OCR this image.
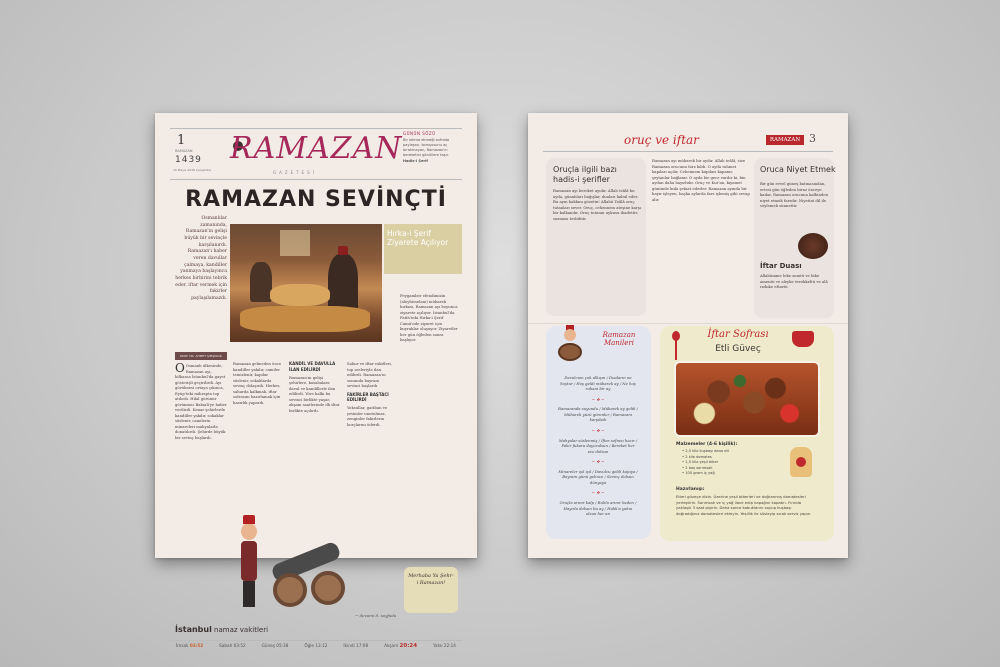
1
RAMAZAN
1439
16 Mayıs 2018 Çarşamba
RAMAZAN
GAZETESİ
GÜNÜN SÖZÜ
Bir lokma ekmeği sofrada paylaşan, komşusunu aç bırakmayan, Ramazan'ın bereketini gönüllere taşır.
Hadis-i Şerif
RAMAZAN SEVİNÇTİ
Osmanlılar zamanında, Ramazan'ın gelişi büyük bir sevinçle karşılanırdı. Ramazan'ı haber veren davullar çalmaya, kandiller yanmaya başlayınca herkes birbirini tebrik eder, iftar vermek için fakirler paylaşılamazdı.
PROF. DR. AHMET ŞİMŞİRGİL
Hırka-i Şerif Ziyarete Açılıyor

O Osmanlı ülkesinde, Ramazan ayı, bilhassa İstanbul'da gayet gösterişli geçirilirdi. Ayı görülmesi ortaya çıkınca, Eyüp'teki mihrapta top atılırdı. Hilal görünür görünmez Babıali'ye haber verilirdi. Kenar şehirlerde kandiller yakılır, sokaklar süslenir, camilerin minareleri mahyalarla donatılırdı. Şehirde büyük bir sevinç başlardı.

Ramazan gelmeden önce kandiller yakılır, camiler temizlenir, kapılar süslenir, sokaklarda sevinç dolaşırdı. Herkes, sahurda kalkmak, iftar sofrasını hazırlamak için hazırlık yapardı.

KANDİL VE DAVULLA İLAN EDİLİRDİ

Ramazan'ın gelişi şehirlere, kasabalara davul ve kandillerle ilan edilirdi. Yöre halkı bu sevinci birlikte yaşar, akşam saatlerinde ilk iftar birlikte açılırdı.

Sahur ve iftar vakitleri, top sesleriyle ilan edilirdi. Ramazan'ın sonunda bayram sevinci başlardı.

FAKİRLER BAŞTACI EDİLİRDİ

Yoksullar, gariban ve yetimler unutulmaz, zenginler fakirlerin borçlarını öderdi.

Peygamber efendimizin (aleyhisselam) mübarek hırkası, Ramazan ayı boyunca ziyarete açılıyor. İstanbul'da Fatih'teki Hırka-i Şerif Camii'nde ziyaret için kuyruklar oluşuyor. Ziyaretler her gün öğleden sonra başlıyor.

Merhaba Ya Şehr-i Ramazan!
~ devamı 8. sayfada
İstanbul namaz vakitleri
İmsak 03:52	Sabah 03:52	Güneş 05:38	Öğle 13:12	İkindi 17:08	Akşam 20:24	Yatsı 22:14
oruç ve iftar	RAMAZAN 3
Oruçla ilgili bazı hadis-i şerifler

Ramazan ayı bereket ayıdır. Allah teâlâ bu ayda, günahları bağışlar, duaları kabul eder. Bu ayın hakkını gözetin! Allahü Teâlâ oruç tutanları sever. Oruç, cehennem ateşine karşı bir kalkandır. Oruç tutanın uykusu ibadettir, susması tesbihtir.

Ramazan ayı mübarek bir aydır. Allah teâlâ, size Ramazan orucunu farz kıldı. O ayda rahmet kapıları açılır, Cehennem kapıları kapanır, şeytanlar bağlanır. O ayda bir gece vardır ki, bin aydan daha hayırlıdır. Oruç ve Kur'an, kıyamet gününde kula şefaat ederler. Ramazan ayında bir hayır işleyen, başka aylarda farz işlemiş gibi sevap alır.

Oruca Niyet Etmek

Bir gün evvel güneş batmasından, ertesi gün öğleden biraz önceye kadar, Ramazan orucuna kalbinden niyet etmek farzdır. Niyetini dil ile söylemek sünnettir.

İftar Duası

Allahümme leke sumtü ve bike amentü ve aleyke tevekkeltü ve alâ rızkıke eftartü.

Ramazan Manileri
Davulcum çok alkışın / Duaların ne hoştur / Hoş geldi mübarek ay / Ne hoş ruhani bir ay
~ ❖ ~
Ramazanda suyundu / Mübarek ay geldi / Mübarek yüzü görenler / Ramazanı karşıladı
~ ❖ ~
Mahyalar süslenmiş / İftar sofrası hazır / Fakir fukara doyurulsun / Bereket her eve dolsun
~ ❖ ~
Minareler ışıl ışıl / Davulcu geldi kapıya / Bayram günü gelince / Sevinç dolsun dünyaya
~ ❖ ~
Oruçla arınır kalp / Ruhla arınır beden / Hayırla dolsun bu ay / Hakk'a yakın olsun her an
İftar Sofrası
Etli Güveç
Malzemeler (4-6 kişilik):
• 2,5 kilo kuşbaşı dana eti
• 2 kilo domates
• 1,5 kilo yeşil biber
• 2 baş sarımsak
• 100 gram iç yağ
Hazırlanışı:

Etleri güveçe dizin. Üzerine yeşil biberleri ve doğranmış domatesleri yerleştirin. Sarımsak ve iç yağ ilave edip kapağını kapatın. Fırında yaklaşık 3 saat pişirin. Daha sonra kabuklarını soyup kuşbaşı doğradığınız domatesleri ekleyin. Yeşillik ile süsleyip sıcak servis yapın.
